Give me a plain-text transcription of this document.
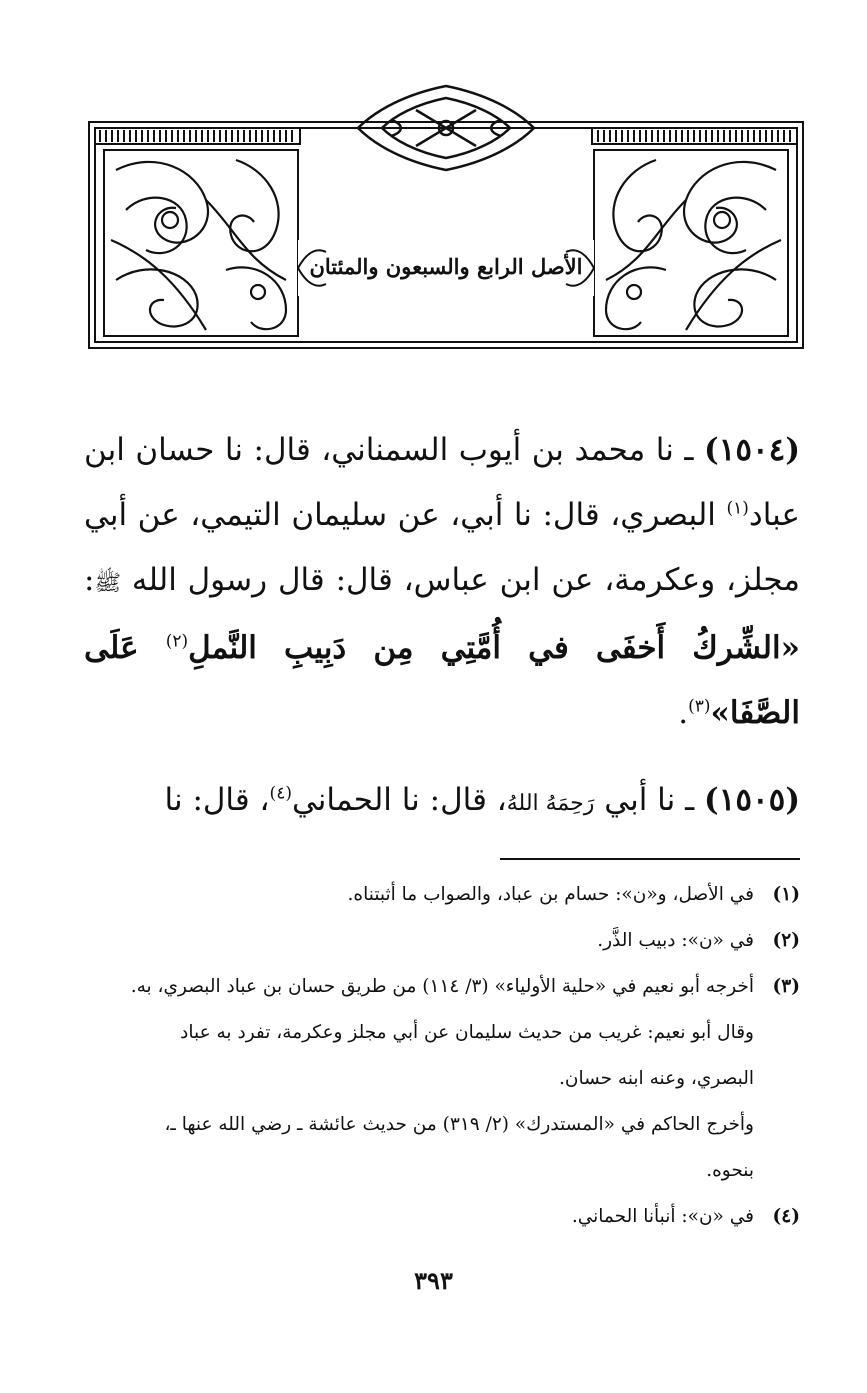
الأصل الرابع والسبعون والمئتان

(١٥٠٤) ـ نا محمد بن أيوب السمناني، قال: نا حسان ابن عباد$^{(١)}$ البصري، قال: نا أبي، عن سليمان التيمي، عن أبي مجلز، وعكرمة، عن ابن عباس، قال: قال رسول الله ﷺ: «الشِّركُ أَخفَى في أُمَّتِي مِن دَبِيبِ النَّملِ$^{(٢)}$ عَلَى الصَّفَا»$^{(٣)}$.

(١٥٠٥) ـ نا أبي رَحِمَهُ اللهُ، قال: نا الحماني$^{(٤)}$، قال: نا

(١)
في الأصل، و«ن»: حسام بن عباد، والصواب ما أثبتناه.
(٢)
في «ن»: دبيب الذَّر.
(٣)
أخرجه أبو نعيم في «حلية الأولياء» (٣/ ١١٤) من طريق حسان بن عباد البصري، به.
وقال أبو نعيم: غريب من حديث سليمان عن أبي مجلز وعكرمة، تفرد به عباد
البصري، وعنه ابنه حسان.
وأخرج الحاكم في «المستدرك» (٢/ ٣١٩) من حديث عائشة ـ رضي الله عنها ـ،
بنحوه.
(٤)
في «ن»: أنبأنا الحماني.
٣٩٣
